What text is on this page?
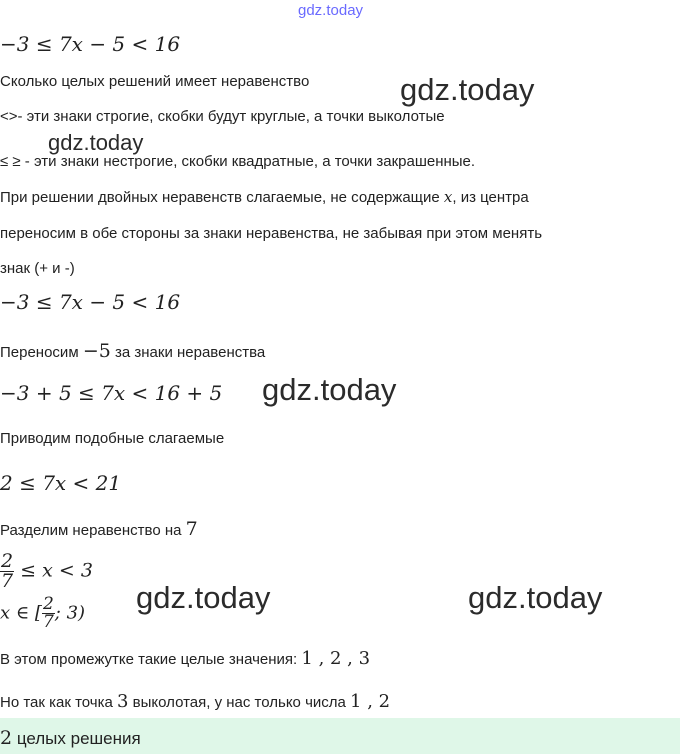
gdz.today
−3 ≤ 7x − 5 < 16
Сколько целых решений имеет неравенство	gdz.today
<>- эти знаки строгие, скобки будут круглые, а точки выколотые
gdz.today
≤ ≥ - эти знаки нестрогие, скобки квадратные, а точки закрашенные.
При решении двойных неравенств слагаемые, не содержащие x, из центра
переносим в обе стороны за знаки неравенства, не забывая при этом менять
знак (+ и -)
−3 ≤ 7x − 5 < 16
Переносим −5 за знаки неравенства
−3 + 5 ≤ 7x < 16 + 5 gdz.today
Приводим подобные слагаемые
2 ≤ 7x < 21
Разделим неравенство на 7
$\frac{2}{7} \le x < 3$
x ∈ [ $\frac{2}{7}$ ; 3) gdz.today	gdz.today
В этом промежутке такие целые значения: 1 , 2 , 3
Но так как точка 3 выколотая, у нас только числа 1 , 2
2 целых решения
